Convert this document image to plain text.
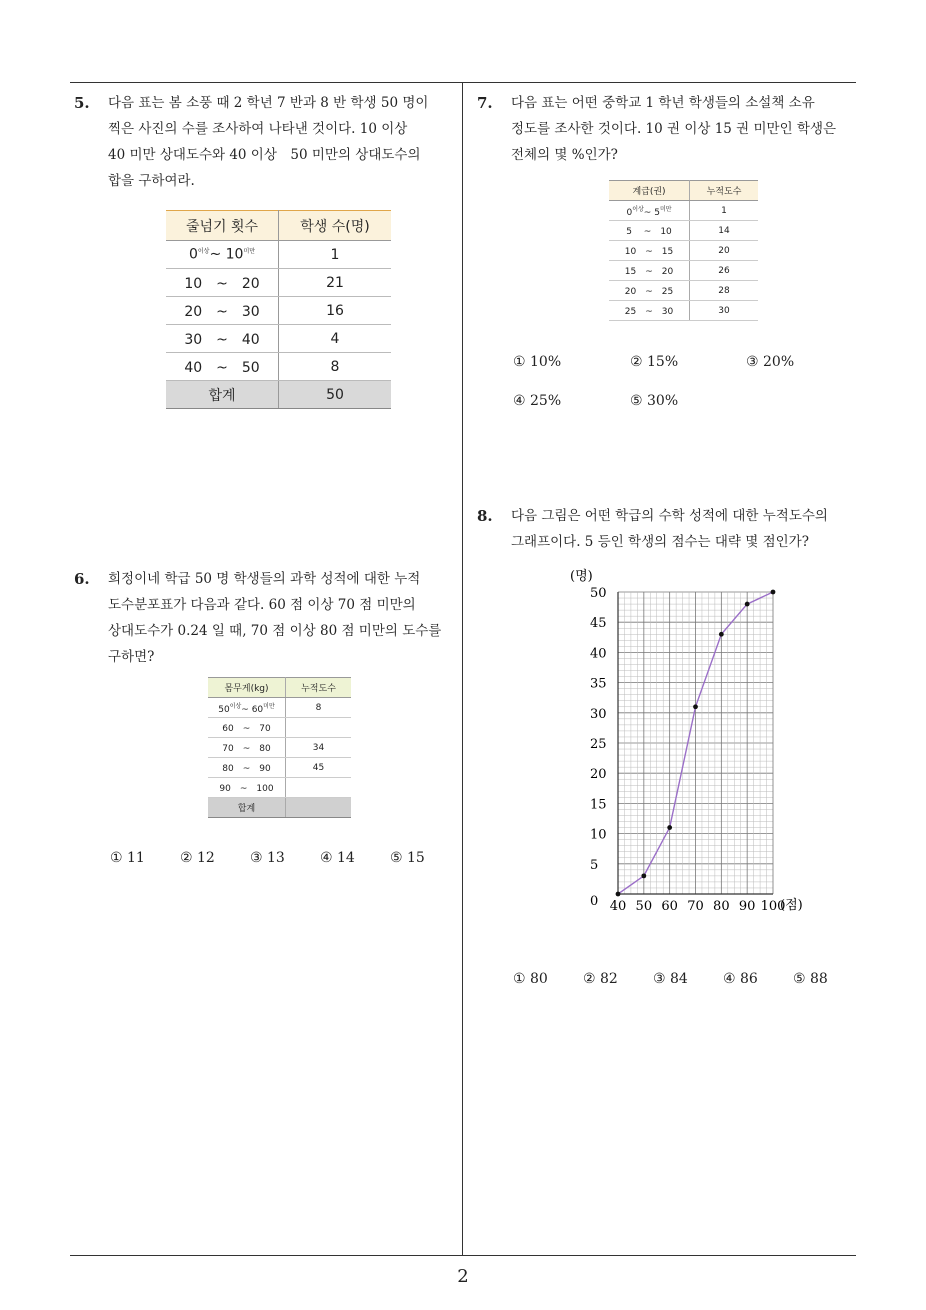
2
5. 다음 표는 봄 소풍 때 2 학년 7 반과 8 반 학생 50 명이
찍은 사진의 수를 조사하여 나타낸 것이다. 10 이상
40 미만 상대도수와 40 이상　50 미만의 상대도수의
합을 구하여라.
줄넘기 횟수	학생 수(명)
$0^{이상}\sim$ $10^{미만}$	1
10　~　20	21
20　~　30	16
30　~　40	4
40　~　50	8
합계	50
6. 희정이네 학급 50 명 학생들의 과학 성적에 대한 누적
도수분포표가 다음과 같다. 60 점 이상 70 점 미만의
상대도수가 0.24 일 때, 70 점 이상 80 점 미만의 도수를
구하면?
몸무게(kg)	누적도수
$50^{이상}\sim$ $60^{미만}$	8
60　~　70	
70　~　80	34
80　~　90	45
90　~　100	
합계	
① 11	② 12	③ 13	④ 14	⑤ 15
7. 다음 표는 어떤 중학교 1 학년 학생들의 소설책 소유
정도를 조사한 것이다. 10 권 이상 15 권 미만인 학생은
전체의 몇 %인가?
계급(권)	누적도수
$0^{이상}\sim$ $5^{미만}$	1
5　 ~　10	14
10　~　15	20
15　~　20	26
20　~　25	28
25　~　30	30
① 10%	② 15%	③ 20%
④ 25%	⑤ 30%
8. 다음 그림은 어떤 학급의 수학 성적에 대한 누적도수의
그래프이다. 5 등인 학생의 점수는 대략 몇 점인가?
0
5
10
15
20
25
30
35
40
45
50
40 50 60 70 80 90 100
(명)
(점)
① 80	② 82	③ 84	④ 86	⑤ 88
